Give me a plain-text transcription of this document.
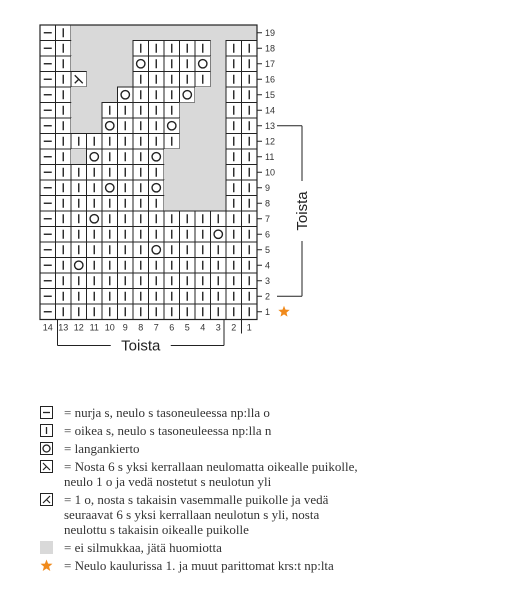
19
18
17
16
15
14
13
12
11
10
9
8
7
6
5
4
3
2
1
14 13 12 11 10 9 8 7 6 5 4 3 2 1
Toista
Toista
= nurja s, neulo s tasoneuleessa np:lla o
= oikea s, neulo s tasoneuleessa np:lla n
= langankierto
= Nosta 6 s yksi kerrallaan neulomatta oikealle puikolle,
neulo 1 o ja vedä nostetut s neulotun yli
= 1 o, nosta s takaisin vasemmalle puikolle ja vedä
seuraavat 6 s yksi kerrallaan neulotun s yli, nosta
neulottu s takaisin oikealle puikolle
= ei silmukkaa, jätä huomiotta
= Neulo kaulurissa 1. ja muut parittomat krs:t np:lta
